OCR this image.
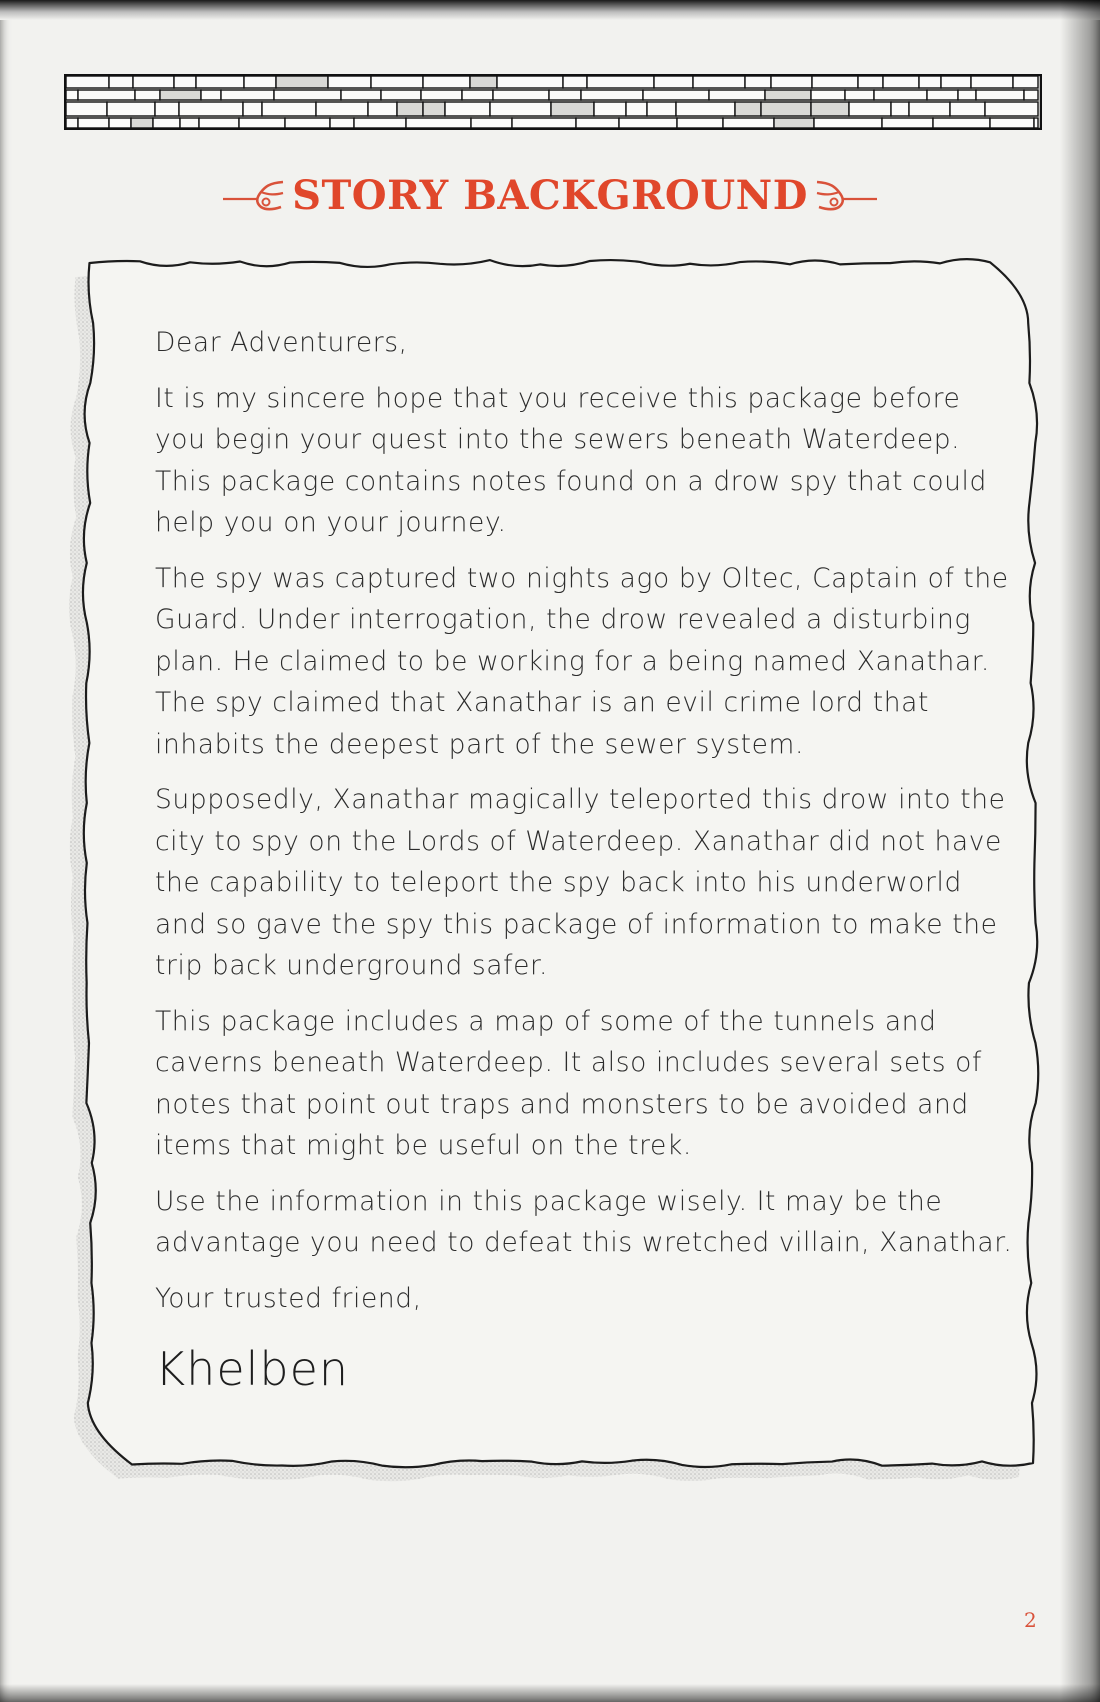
STORY BACKGROUND

Dear Adventurers,

It is my sincere hope that you receive this package before you begin your quest into the sewers beneath Waterdeep. This package contains notes found on a drow spy that could help you on your journey.

The spy was captured two nights ago by Oltec, Captain of the Guard. Under interrogation, the drow revealed a disturbing plan. He claimed to be working for a being named Xanathar. The spy claimed that Xanathar is an evil crime lord that inhabits the deepest part of the sewer system.

Supposedly, Xanathar magically teleported this drow into the city to spy on the Lords of Waterdeep. Xanathar did not have the capability to teleport the spy back into his underworld and so gave the spy this package of information to make the trip back underground safer.

This package includes a map of some of the tunnels and caverns beneath Waterdeep. It also includes several sets of notes that point out traps and monsters to be avoided and items that might be useful on the trek.

Use the information in this package wisely. It may be the advantage you need to defeat this wretched villain, Xanathar.

Your trusted friend,

Khelben

2
